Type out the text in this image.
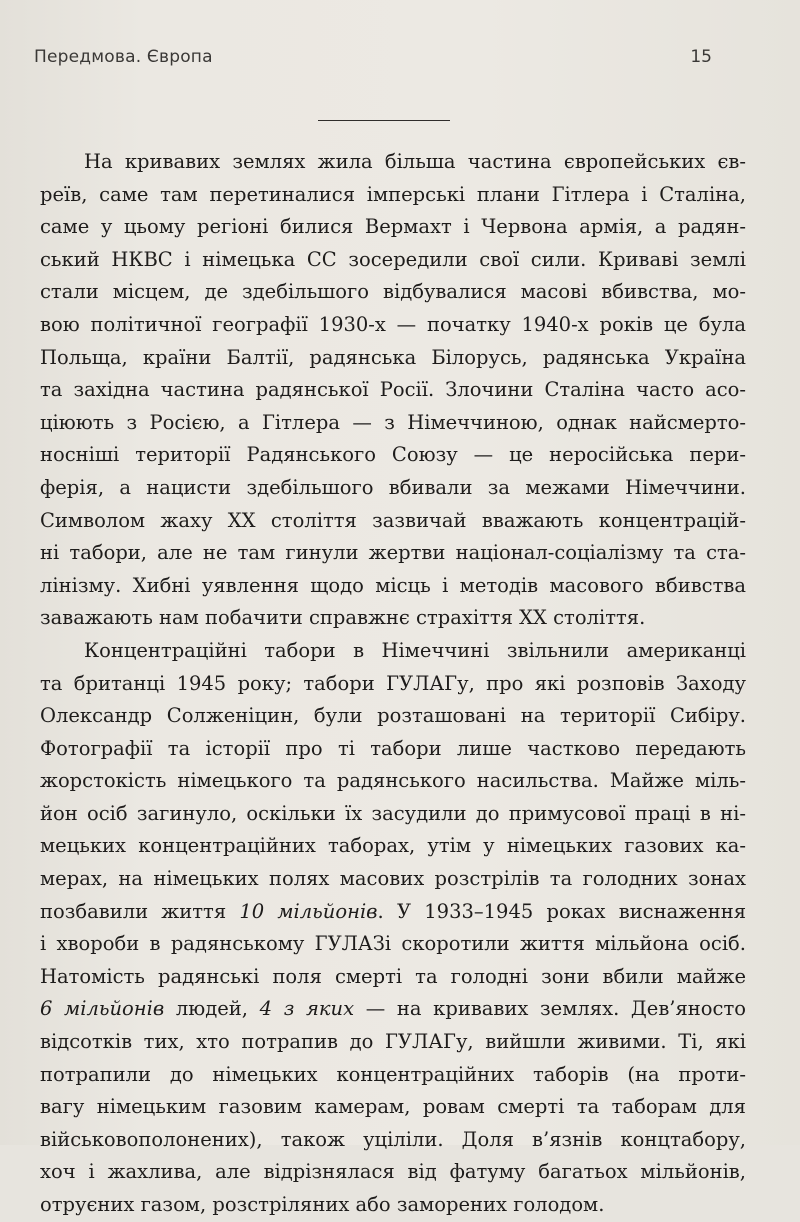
Передмова. Європа	15

На кривавих землях жила більша частина європейських єв-
реїв, саме там перетиналися імперські плани Гітлера і Сталіна,
саме у цьому регіоні билися Вермахт і Червона армія, а радян-
ський НКВС і німецька СС зосередили свої сили. Криваві землі
стали місцем, де здебільшого відбувалися масові вбивства, мо-
вою політичної географії 1930-х — початку 1940-х років це була
Польща, країни Балтії, радянська Білорусь, радянська Україна
та західна частина радянської Росії. Злочини Сталіна часто асо-
ціюють з Росією, а Гітлера — з Німеччиною, однак найсмерто-
носніші території Радянського Союзу — це неросійська пери-
ферія, а нацисти здебільшого вбивали за межами Німеччини.
Символом жаху ХХ століття зазвичай вважають концентрацій-
ні табори, але не там гинули жертви націонал-соціалізму та ста-
лінізму. Хибні уявлення щодо місць і методів масового вбивства
заважають нам побачити справжнє страхіття ХХ століття.

Концентраційні табори в Німеччині звільнили американці
та британці 1945 року; табори ГУЛАГу, про які розповів Заходу
Олександр Солженіцин, були розташовані на території Сибіру.
Фотографії та історії про ті табори лише частково передають
жорстокість німецького та радянського насильства. Майже міль-
йон осіб загинуло, оскільки їх засудили до примусової праці в ні-
мецьких концентраційних таборах, утім у німецьких газових ка-
мерах, на німецьких полях масових розстрілів та голодних зонах
позбавили життя 10 мільйонів. У 1933–1945 роках виснаження
і хвороби в радянському ГУЛАЗі скоротили життя мільйона осіб.
Натомість радянські поля смерті та голодні зони вбили майже
6 мільйонів людей, 4 з яких — на кривавих землях. Дев’яносто
відсотків тих, хто потрапив до ГУЛАГу, вийшли живими. Ті, які
потрапили до німецьких концентраційних таборів (на проти-
вагу німецьким газовим камерам, ровам смерті та таборам для
військовополонених), також уціліли. Доля в’язнів концтабору,
хоч і жахлива, але відрізнялася від фатуму багатьох мільйонів,
отруєних газом, розстріляних або заморених голодом.
